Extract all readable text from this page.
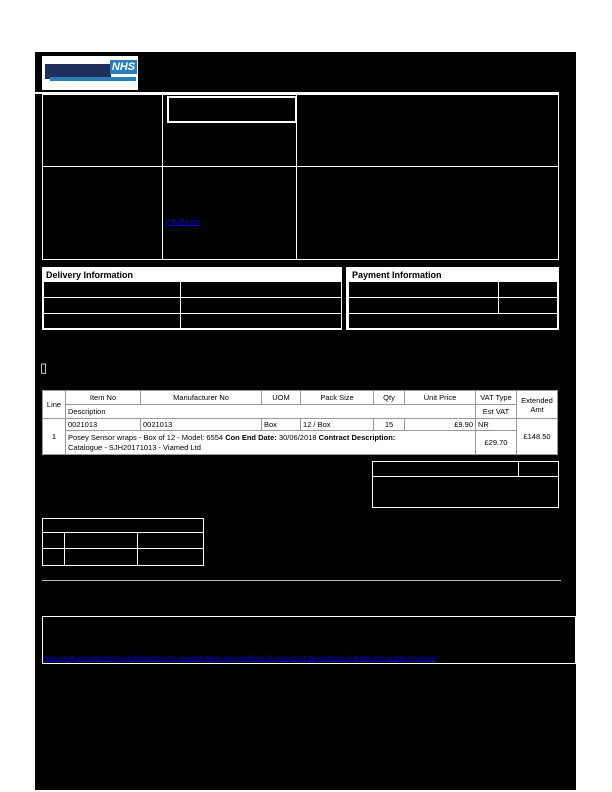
NHS
h.m@x.net
Delivery Information	Payment Information
▯
Line	Item No	Manufacturer No	UOM	Pack Size	Qty	Unit Price	VAT Type	Extended Amt
	Description						Est VAT	
1	0021013	0021013	Box	12 / Box	15	£9.90	NR	£148.50
	Posey Sensor wraps - Box of 12 - Model: 6554 Con End Date: 30/06/2018 Contract Description:
Catalogue - SJH20171013 - Viamed Ltd						£29.70	
https://www.gov.uk/government/publications/nhs-standard-terms-and-conditions-of-contract-for-the-purchase-of-goods-and-supply-of-services
